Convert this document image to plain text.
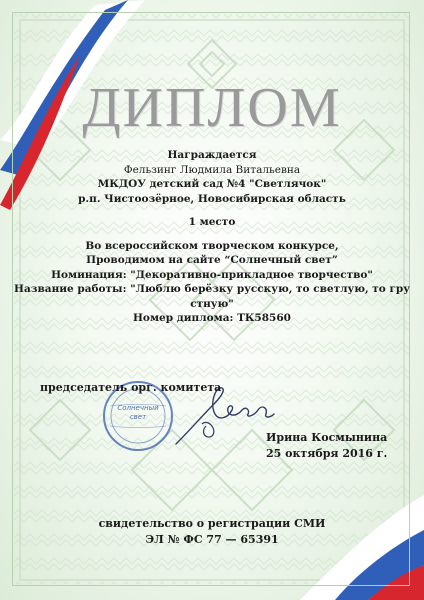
ДИПЛОМ
Награждается
Фельзинг Людмила Витальевна
МКДОУ детский сад №4 "Светлячок"
р.п. Чистоозёрное, Новосибирская область
1 место
Во всероссийском творческом конкурсе,
Проводимом на сайте “Солнечный свет”
Номинация: "Декоративно-прикладное творчество"
Название работы: "Люблю берёзку русскую, то светлую, то гру
стную"
Номер диплома: ТК58560
Солнечный
свет
председатель орг. комитета
Ирина Космынина
25 октября 2016 г.
свидетельство о регистрации СМИ
ЭЛ № ФС 77 — 65391
